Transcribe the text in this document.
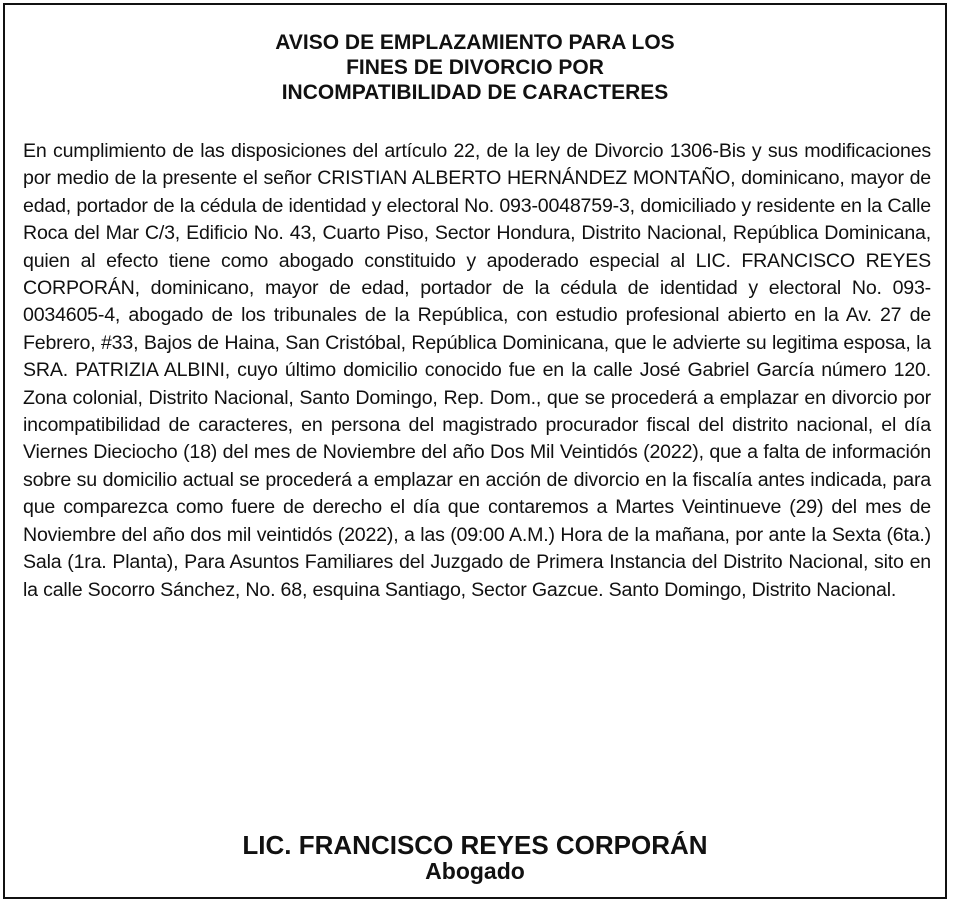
AVISO DE EMPLAZAMIENTO PARA LOS
FINES DE DIVORCIO POR
INCOMPATIBILIDAD DE CARACTERES

En cumplimiento de las disposiciones del artículo 22, de la ley de Divorcio 1306-Bis y sus modificaciones por medio de la presente el señor CRISTIAN ALBERTO HERNÁNDEZ MONTAÑO, dominicano, mayor de edad, portador de la cédula de identidad y electoral No. 093-0048759-3, domiciliado y residente en la Calle Roca del Mar C/3, Edificio No. 43, Cuarto Piso, Sector Hondura, Distrito Nacional, República Dominicana, quien al efecto tiene como abogado constituido y apoderado especial al LIC. FRANCISCO REYES CORPORÁN, dominicano, mayor de edad, portador de la cédula de identidad y electoral No. 093-0034605-4, abogado de los tribunales de la República, con estudio profesional abierto en la Av. 27 de Febrero, #33, Bajos de Haina, San Cristóbal, República Dominicana, que le advierte su legitima esposa, la SRA. PATRIZIA ALBINI, cuyo último domicilio conocido fue en la calle José Gabriel García número 120. Zona colonial, Distrito Nacional, Santo Domingo, Rep. Dom., que se procederá a emplazar en divorcio por incompatibilidad de caracteres, en persona del magistrado procurador fiscal del distrito nacional, el día Viernes Dieciocho (18) del mes de Noviembre del año Dos Mil Veintidós (2022), que a falta de información sobre su domicilio actual se procederá a emplazar en acción de divorcio en la fiscalía antes indicada, para que comparezca como fuere de derecho el día que contaremos a Martes Veintinueve (29) del mes de Noviembre del año dos mil veintidós (2022), a las (09:00 A.M.) Hora de la mañana, por ante la Sexta (6ta.) Sala (1ra. Planta), Para Asuntos Familiares del Juzgado de Primera Instancia del Distrito Nacional, sito en la calle Socorro Sánchez, No. 68, esquina Santiago, Sector Gazcue. Santo Domingo, Distrito Nacional.

LIC. FRANCISCO REYES CORPORÁN
Abogado
